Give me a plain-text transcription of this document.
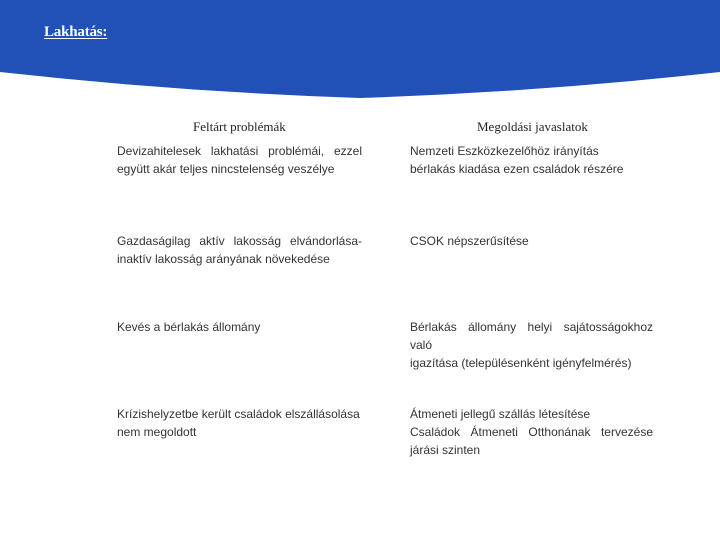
Lakhatás:
Feltárt problémák	Megoldási javaslatok
Devizahitelesek lakhatási problémái, ezzel
együtt akár teljes nincstelenség veszélye
Nemzeti Eszközkezelőhöz irányítás
bérlakás kiadása ezen családok részére
Gazdaságilag aktív lakosság elvándorlása-
inaktív lakosság arányának növekedése
CSOK népszerűsítése
Kevés a bérlakás állomány	Bérlakás állomány helyi sajátosságokhoz való
igazítása (településenként igényfelmérés)
Krízishelyzetbe került családok elszállásolása
nem megoldott
Átmeneti jellegű szállás létesítése
Családok Átmeneti Otthonának tervezése
járási szinten
